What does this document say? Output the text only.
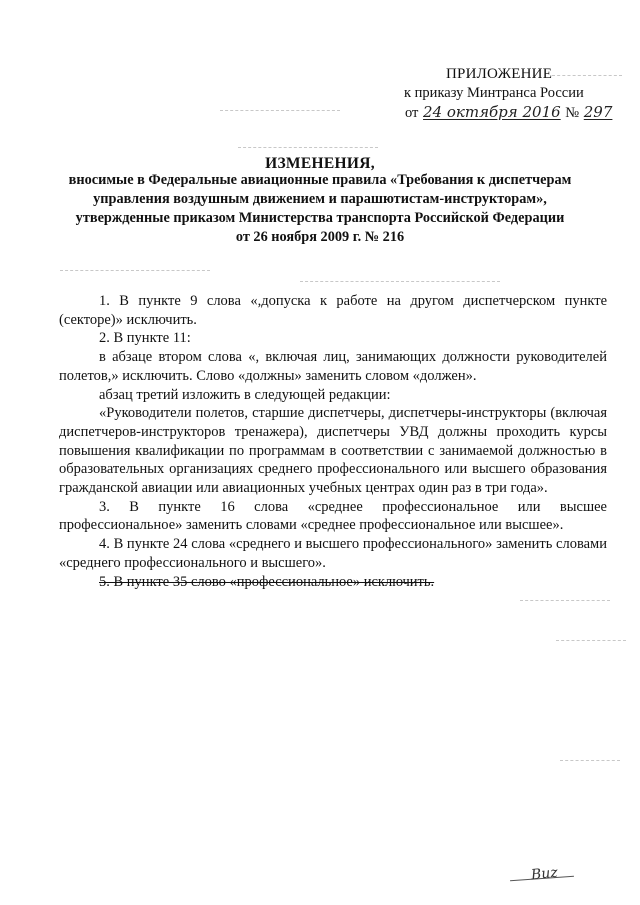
ПРИЛОЖЕНИЕ
к приказу Минтранса России
от 24 октября 2016 № 297
ИЗМЕНЕНИЯ,
вносимые в Федеральные авиационные правила «Требования к диспетчерам
управления воздушным движением и парашютистам-инструкторам»,
утвержденные приказом Министерства транспорта Российской Федерации
от 26 ноября 2009 г. № 216

1. В пункте 9 слова «,допуска к работе на другом диспетчерском пункте (секторе)» исключить.

2. В пункте 11:

в абзаце втором слова «, включая лиц, занимающих должности руководителей полетов,» исключить. Слово «должны» заменить словом «должен».

абзац третий изложить в следующей редакции:

«Руководители полетов, старшие диспетчеры, диспетчеры-инструкторы (включая диспетчеров-инструкторов тренажера), диспетчеры УВД должны проходить курсы повышения квалификации по программам в соответствии с занимаемой должностью в образовательных организациях среднего профессионального или высшего образования гражданской авиации или авиационных учебных центрах один раз в три года».

3. В пункте 16 слова «среднее профессиональное или высшее профессиональное» заменить словами «среднее профессиональное или высшее».

4. В пункте 24 слова «среднего и высшего профессионального» заменить словами «среднего профессионального и высшего».

5. В пункте 35 слово «профессиональное» исключить.

Вuz
